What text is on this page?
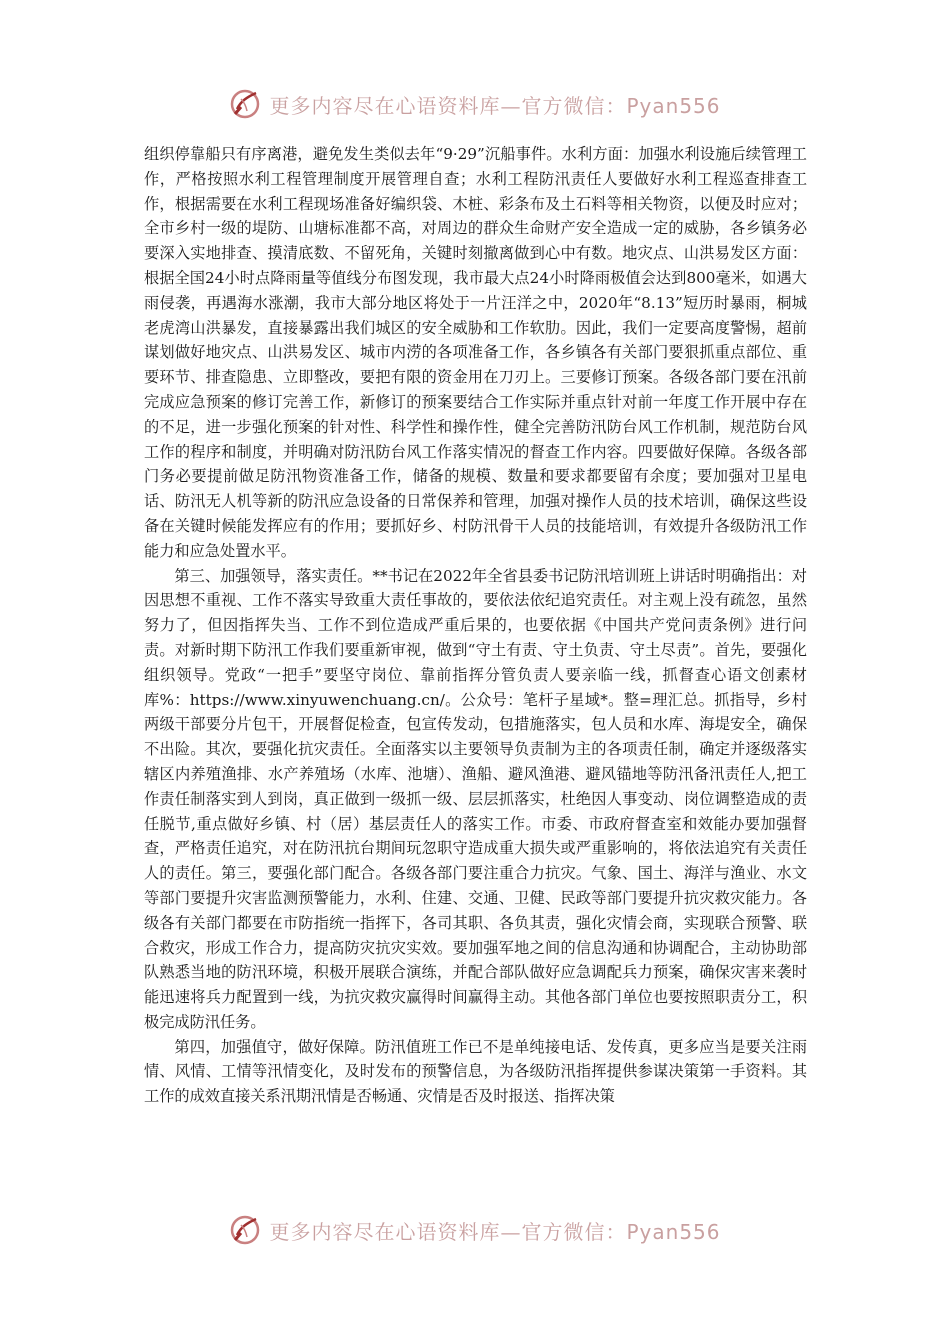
更多内容尽在心语资料库—官方微信：Pyan556

组织停靠船只有序离港，避免发生类似去年“9·29”沉船事件。水利方面：加强水利设施后续管理工作，严格按照水利工程管理制度开展管理自查；水利工程防汛责任人要做好水利工程巡查排查工作，根据需要在水利工程现场准备好编织袋、木桩、彩条布及土石料等相关物资，以便及时应对；全市乡村一级的堤防、山塘标准都不高，对周边的群众生命财产安全造成一定的威胁，各乡镇务必要深入实地排查、摸清底数、不留死角，关键时刻撤离做到心中有数。地灾点、山洪易发区方面：根据全国24小时点降雨量等值线分布图发现，我市最大点24小时降雨极值会达到800毫米，如遇大雨侵袭，再遇海水涨潮，我市大部分地区将处于一片汪洋之中，2020年“8.13”短历时暴雨，桐城老虎湾山洪暴发，直接暴露出我们城区的安全威胁和工作软肋。因此，我们一定要高度警惕，超前谋划做好地灾点、山洪易发区、城市内涝的各项准备工作，各乡镇各有关部门要狠抓重点部位、重要环节、排查隐患、立即整改，要把有限的资金用在刀刃上。三要修订预案。各级各部门要在汛前完成应急预案的修订完善工作，新修订的预案要结合工作实际并重点针对前一年度工作开展中存在的不足，进一步强化预案的针对性、科学性和操作性，健全完善防汛防台风工作机制，规范防台风工作的程序和制度，并明确对防汛防台风工作落实情况的督查工作内容。四要做好保障。各级各部门务必要提前做足防汛物资准备工作，储备的规模、数量和要求都要留有余度；要加强对卫星电话、防汛无人机等新的防汛应急设备的日常保养和管理，加强对操作人员的技术培训，确保这些设备在关键时候能发挥应有的作用；要抓好乡、村防汛骨干人员的技能培训，有效提升各级防汛工作能力和应急处置水平。

第三、加强领导，落实责任。**书记在2022年全省县委书记防汛培训班上讲话时明确指出：对因思想不重视、工作不落实导致重大责任事故的，要依法依纪追究责任。对主观上没有疏忽，虽然努力了，但因指挥失当、工作不到位造成严重后果的，也要依据《中国共产党问责条例》进行问责。对新时期下防汛工作我们要重新审视，做到“守土有责、守土负责、守土尽责”。首先，要强化组织领导。党政“一把手”要坚守岗位、靠前指挥分管负责人要亲临一线，抓督查心语文创素材库%：https://www.xinyuwenchuang.cn/。公众号：笔杆子星域*。整=理汇总。抓指导，乡村两级干部要分片包干，开展督促检查，包宣传发动，包措施落实，包人员和水库、海堤安全，确保不出险。其次，要强化抗灾责任。全面落实以主要领导负责制为主的各项责任制，确定并逐级落实辖区内养殖渔排、水产养殖场（水库、池塘）、渔船、避风渔港、避风锚地等防汛备汛责任人,把工作责任制落实到人到岗，真正做到一级抓一级、层层抓落实，杜绝因人事变动、岗位调整造成的责任脱节,重点做好乡镇、村（居）基层责任人的落实工作。市委、市政府督查室和效能办要加强督查，严格责任追究，对在防汛抗台期间玩忽职守造成重大损失或严重影响的，将依法追究有关责任人的责任。第三，要强化部门配合。各级各部门要注重合力抗灾。气象、国土、海洋与渔业、水文等部门要提升灾害监测预警能力，水利、住建、交通、卫健、民政等部门要提升抗灾救灾能力。各级各有关部门都要在市防指统一指挥下，各司其职、各负其责，强化灾情会商，实现联合预警、联合救灾，形成工作合力，提高防灾抗灾实效。要加强军地之间的信息沟通和协调配合，主动协助部队熟悉当地的防汛环境，积极开展联合演练，并配合部队做好应急调配兵力预案，确保灾害来袭时能迅速将兵力配置到一线，为抗灾救灾赢得时间赢得主动。其他各部门单位也要按照职责分工，积极完成防汛任务。

第四，加强值守，做好保障。防汛值班工作已不是单纯接电话、发传真，更多应当是要关注雨情、风情、工情等汛情变化，及时发布的预警信息，为各级防汛指挥提供参谋决策第一手资料。其工作的成效直接关系汛期汛情是否畅通、灾情是否及时报送、指挥决策

更多内容尽在心语资料库—官方微信：Pyan556
